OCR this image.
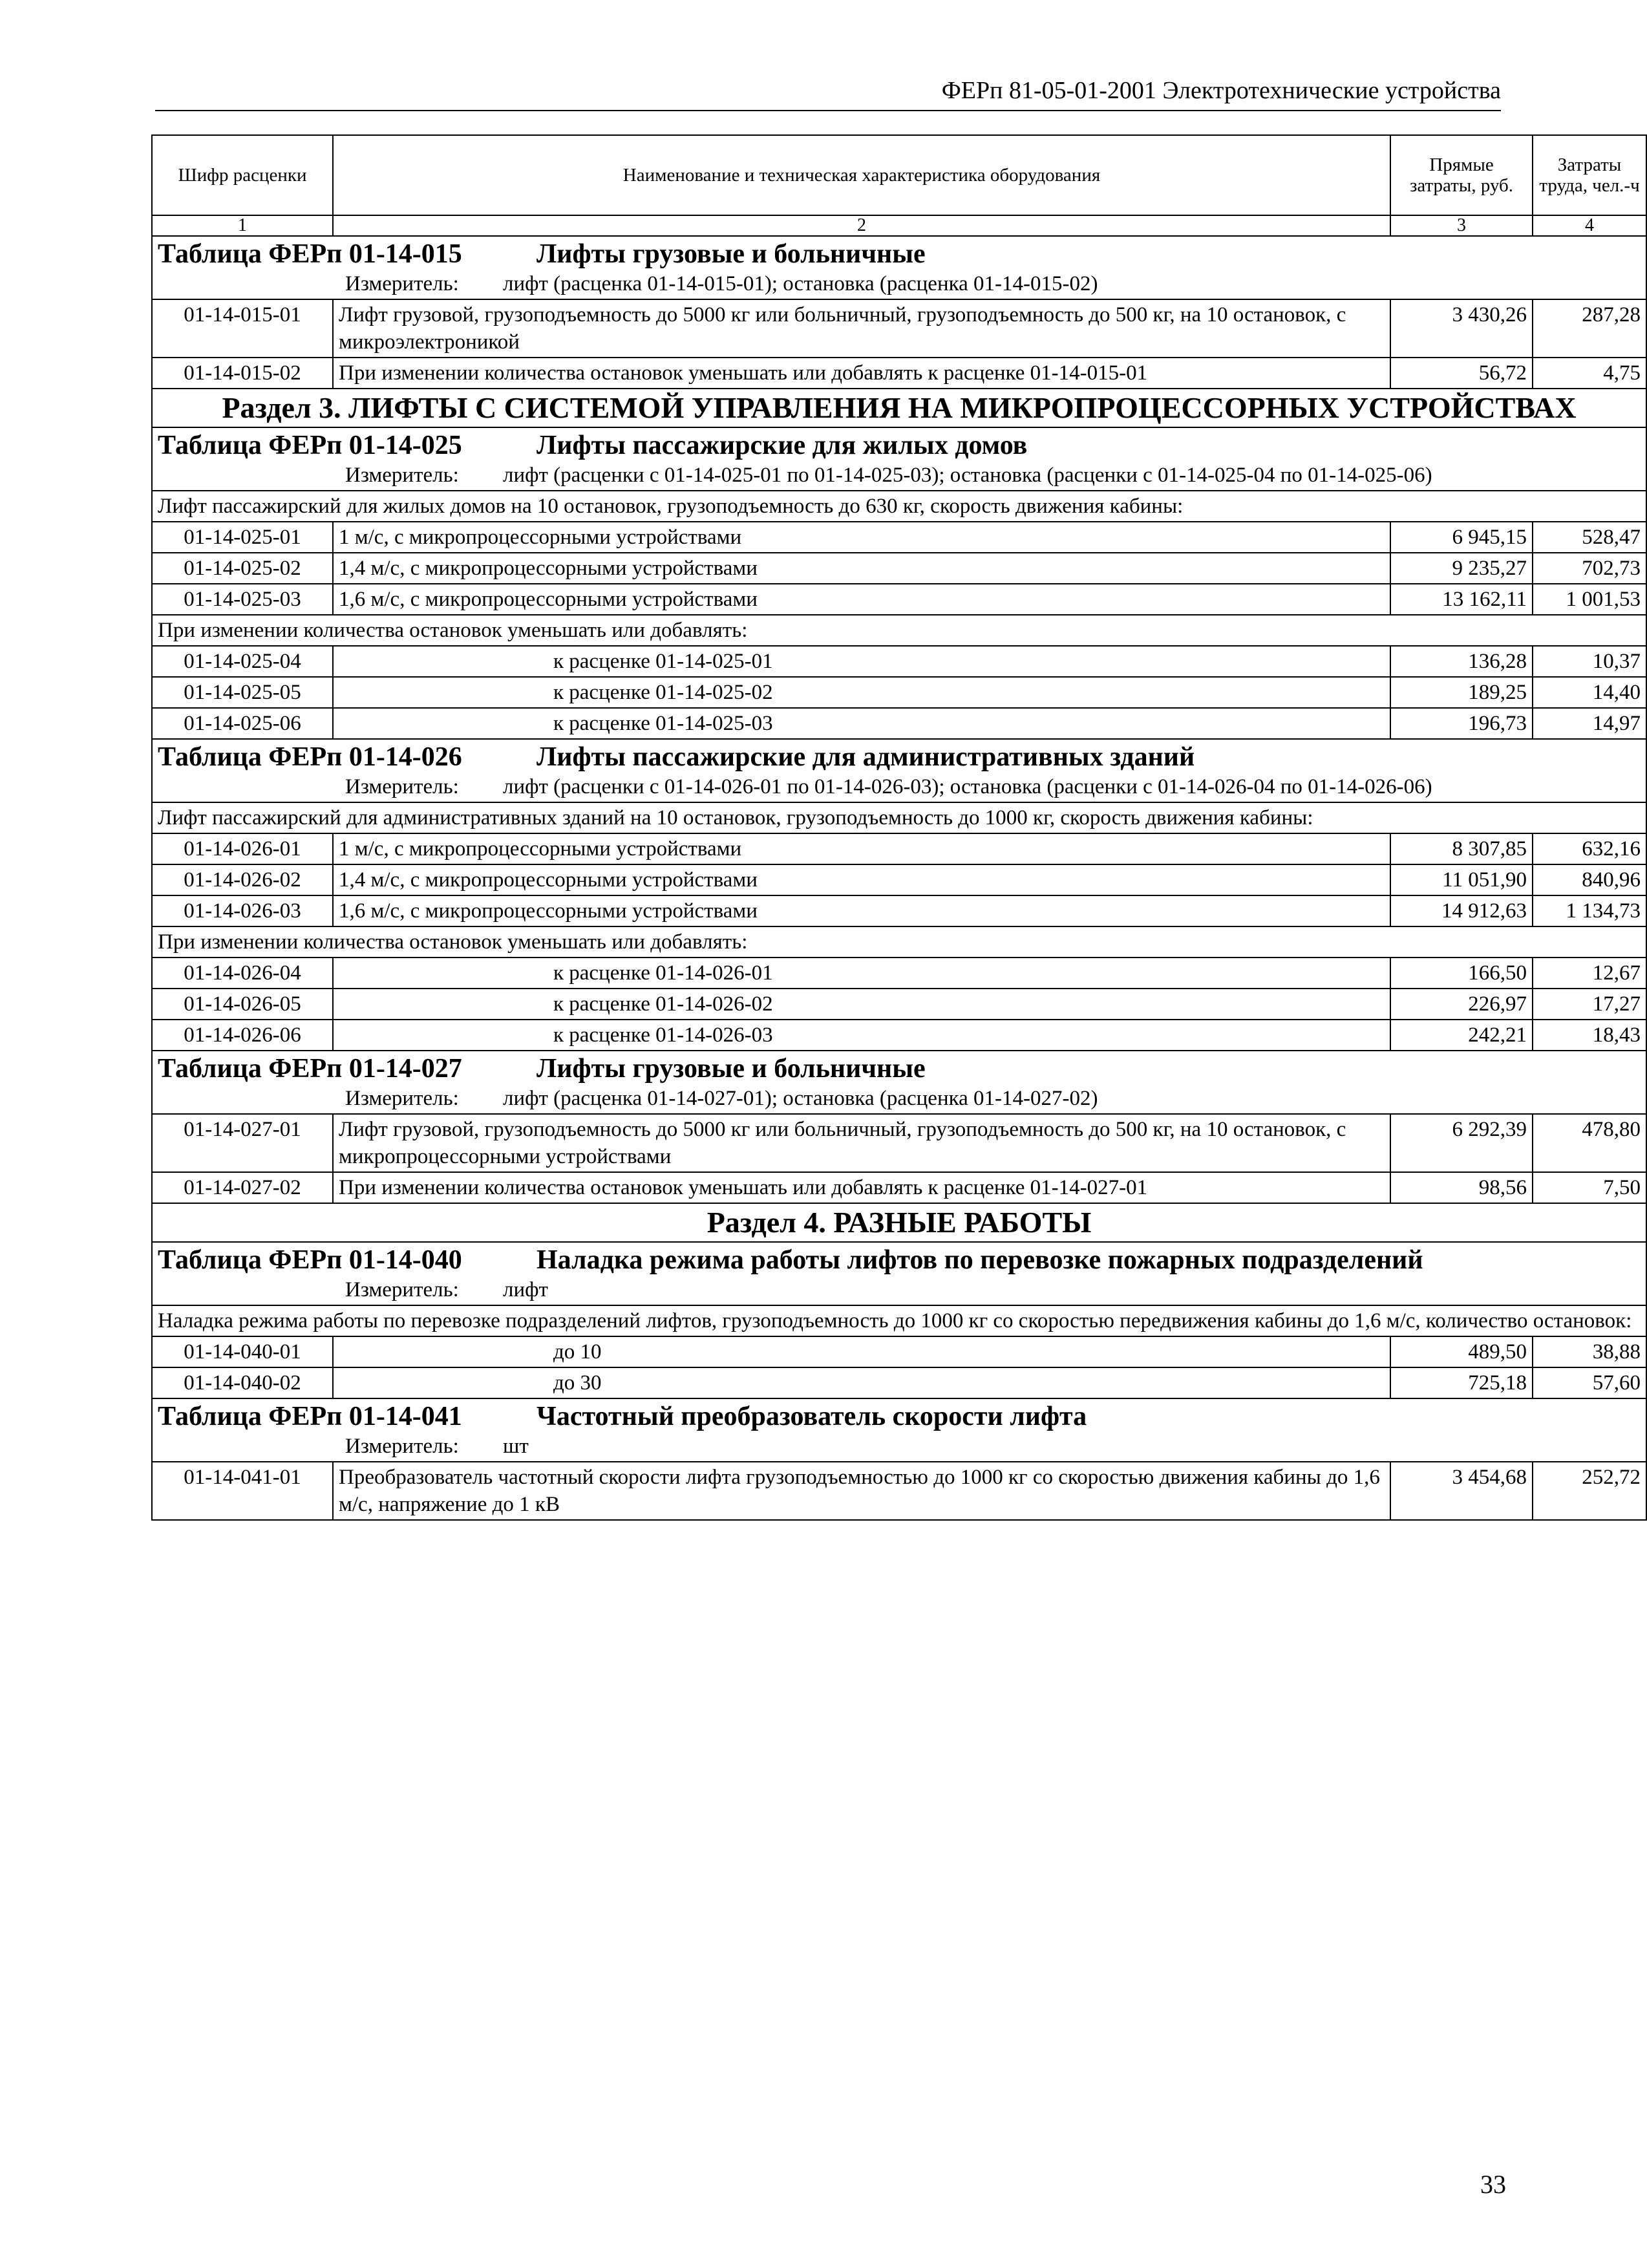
ФЕРп 81-05-01-2001 Электротехнические устройства
Шифр расценки	Наименование и техническая характеристика оборудования	Прямые затраты, руб.	Затраты труда, чел.-ч
1	2	3	4

Таблица ФЕРп 01-14-015 Лифты грузовые и больничные
Измеритель: лифт (расценка 01-14-015-01); остановка (расценка 01-14-015-02)			

01-14-015-01	Лифт грузовой, грузоподъемность до 5000 кг или больничный, грузоподъемность до 500 кг, на 10 остановок, с микроэлектроникой	3 430,26	287,28
01-14-015-02	При изменении количества остановок уменьшать или добавлять к расценке 01-14-015-01	56,72	4,75
Раздел 3. ЛИФТЫ С СИСТЕМОЙ УПРАВЛЕНИЯ НА МИКРОПРОЦЕССОРНЫХ УСТРОЙСТВАХ			

Таблица ФЕРп 01-14-025 Лифты пассажирские для жилых домов
Измеритель: лифт (расценки с 01-14-025-01 по 01-14-025-03); остановка (расценки с 01-14-025-04 по 01-14-025-06)			

Лифт пассажирский для жилых домов на 10 остановок, грузоподъемность до 630 кг, скорость движения кабины:			
01-14-025-01	1 м/с, с микропроцессорными устройствами	6 945,15	528,47
01-14-025-02	1,4 м/с, с микропроцессорными устройствами	9 235,27	702,73
01-14-025-03	1,6 м/с, с микропроцессорными устройствами	13 162,11	1 001,53
При изменении количества остановок уменьшать или добавлять:			
01-14-025-04	к расценке 01-14-025-01	136,28	10,37
01-14-025-05	к расценке 01-14-025-02	189,25	14,40
01-14-025-06	к расценке 01-14-025-03	196,73	14,97

Таблица ФЕРп 01-14-026 Лифты пассажирские для административных зданий
Измеритель: лифт (расценки с 01-14-026-01 по 01-14-026-03); остановка (расценки с 01-14-026-04 по 01-14-026-06)			

Лифт пассажирский для административных зданий на 10 остановок, грузоподъемность до 1000 кг, скорость движения кабины:			
01-14-026-01	1 м/с, с микропроцессорными устройствами	8 307,85	632,16
01-14-026-02	1,4 м/с, с микропроцессорными устройствами	11 051,90	840,96
01-14-026-03	1,6 м/с, с микропроцессорными устройствами	14 912,63	1 134,73
При изменении количества остановок уменьшать или добавлять:			
01-14-026-04	к расценке 01-14-026-01	166,50	12,67
01-14-026-05	к расценке 01-14-026-02	226,97	17,27
01-14-026-06	к расценке 01-14-026-03	242,21	18,43

Таблица ФЕРп 01-14-027 Лифты грузовые и больничные
Измеритель: лифт (расценка 01-14-027-01); остановка (расценка 01-14-027-02)			

01-14-027-01	Лифт грузовой, грузоподъемность до 5000 кг или больничный, грузоподъемность до 500 кг, на 10 остановок, с микропроцессорными устройствами	6 292,39	478,80
01-14-027-02	При изменении количества остановок уменьшать или добавлять к расценке 01-14-027-01	98,56	7,50
Раздел 4. РАЗНЫЕ РАБОТЫ			

Таблица ФЕРп 01-14-040 Наладка режима работы лифтов по перевозке пожарных подразделений
Измеритель: лифт			

Наладка режима работы по перевозке подразделений лифтов, грузоподъемность до 1000 кг со скоростью передвижения кабины до 1,6 м/с, количество остановок:			
01-14-040-01	до 10	489,50	38,88
01-14-040-02	до 30	725,18	57,60

Таблица ФЕРп 01-14-041 Частотный преобразователь скорости лифта
Измеритель: шт			

01-14-041-01	Преобразователь частотный скорости лифта грузоподъемностью до 1000 кг со скоростью движения кабины до 1,6 м/с, напряжение до 1 кВ	3 454,68	252,72
33
